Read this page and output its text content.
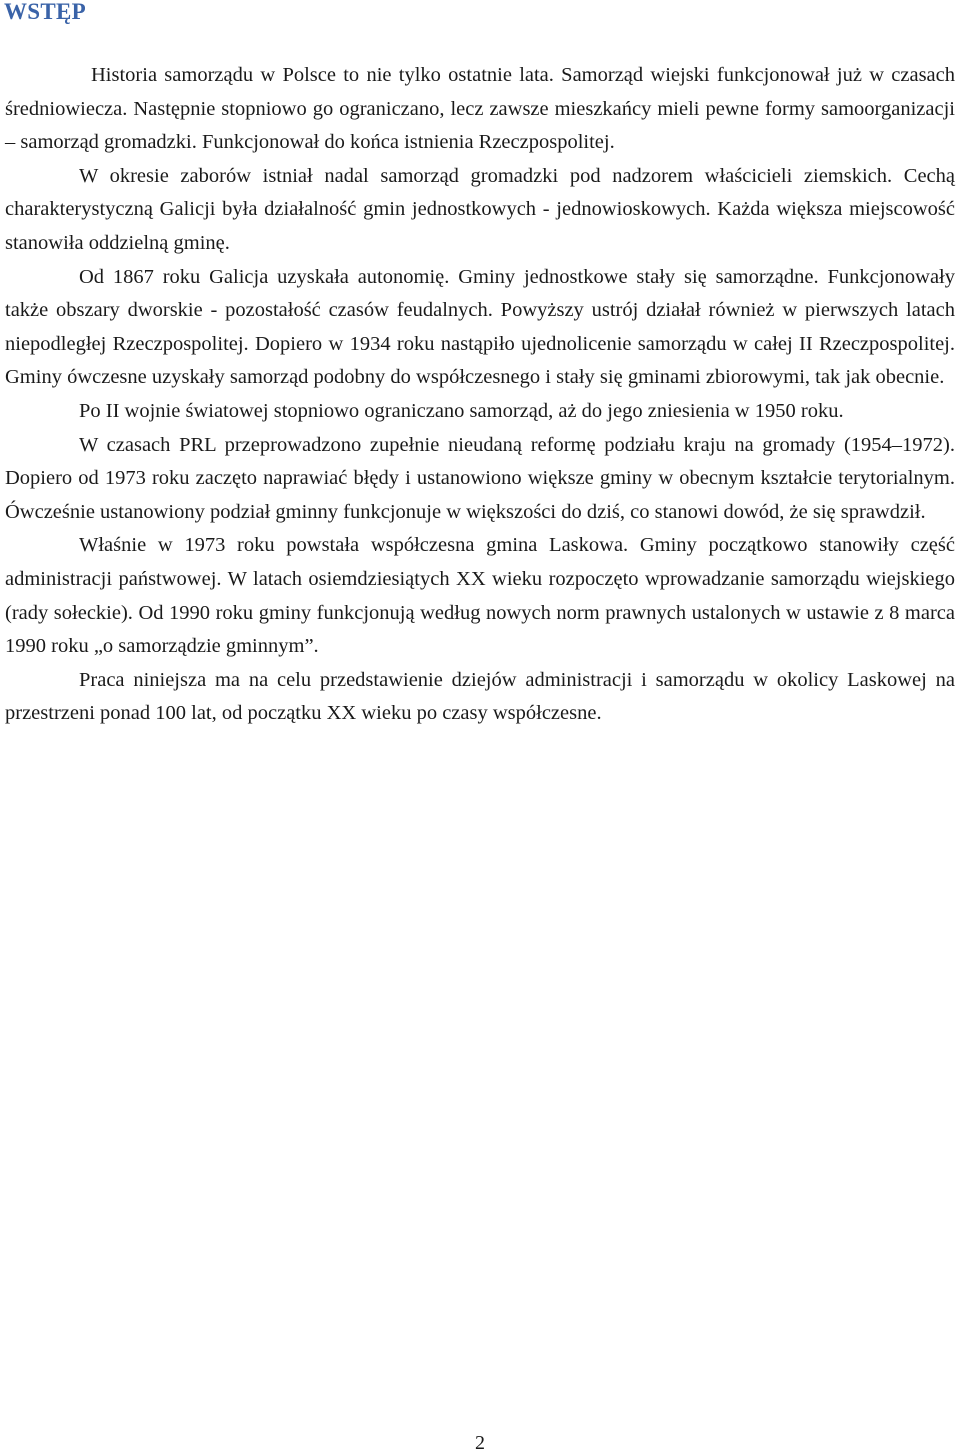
WSTĘP

Historia samorządu w Polsce to nie tylko ostatnie lata. Samorząd wiejski funkcjonował już w czasach średniowiecza. Następnie stopniowo go ograniczano, lecz zawsze mieszkańcy mieli pewne formy samoorganizacji – samorząd gromadzki. Funkcjonował do końca istnienia Rzeczpospolitej.

W okresie zaborów istniał nadal samorząd gromadzki pod nadzorem właścicieli ziemskich. Cechą charakterystyczną Galicji była działalność gmin jednostkowych - jednowioskowych. Każda większa miejscowość stanowiła oddzielną gminę.

Od 1867 roku Galicja uzyskała autonomię. Gminy jednostkowe stały się samorządne. Funkcjonowały także obszary dworskie - pozostałość czasów feudalnych. Powyższy ustrój działał również w pierwszych latach niepodległej Rzeczpospolitej. Dopiero w 1934 roku nastąpiło ujednolicenie samorządu w całej II Rzeczpospolitej. Gminy ówczesne uzyskały samorząd podobny do współczesnego i stały się gminami zbiorowymi, tak jak obecnie.

Po II wojnie światowej stopniowo ograniczano samorząd, aż do jego zniesienia w 1950 roku.

W czasach PRL przeprowadzono zupełnie nieudaną reformę podziału kraju na gromady (1954–1972). Dopiero od 1973 roku zaczęto naprawiać błędy i ustanowiono większe gminy w obecnym kształcie terytorialnym. Ówcześnie ustanowiony podział gminny funkcjonuje w większości do dziś, co stanowi dowód, że się sprawdził.

Właśnie w 1973 roku powstała współczesna gmina Laskowa. Gminy początkowo stanowiły część administracji państwowej. W latach osiemdziesiątych XX wieku rozpoczęto wprowadzanie samorządu wiejskiego (rady sołeckie). Od 1990 roku gminy funkcjonują według nowych norm prawnych ustalonych w ustawie z 8 marca 1990 roku „o samorządzie gminnym”.

Praca niniejsza ma na celu przedstawienie dziejów administracji i samorządu w okolicy Laskowej na przestrzeni ponad 100 lat, od początku XX wieku po czasy współczesne.

2
